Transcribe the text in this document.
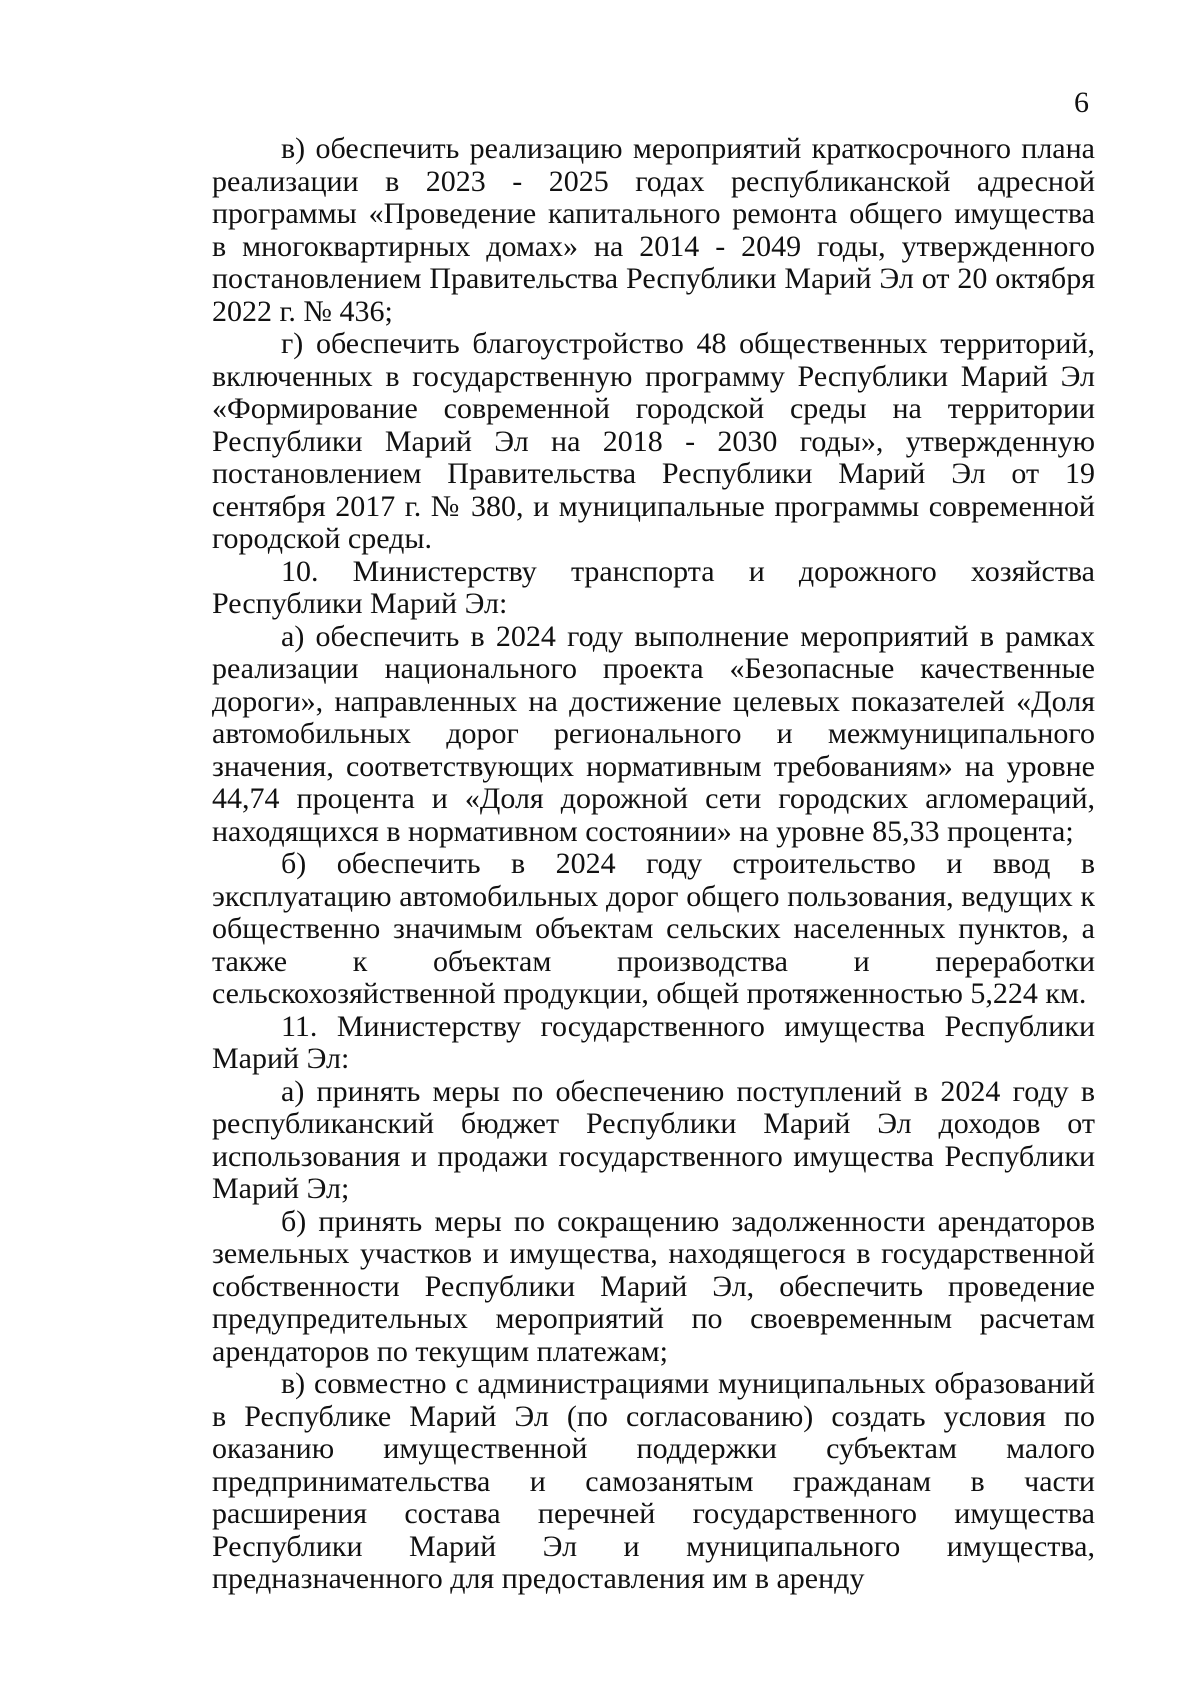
6

в) обеспечить реализацию мероприятий краткосрочного плана реализации в 2023 - 2025 годах республиканской адресной программы «Проведение капитального ремонта общего имущества в многоквартирных домах» на 2014 - 2049 годы, утвержденного постановлением Правительства Республики Марий Эл от 20 октября 2022 г. № 436;

г) обеспечить благоустройство 48 общественных территорий, включенных в государственную программу Республики Марий Эл «Формирование современной городской среды на территории Республики Марий Эл на 2018 - 2030 годы», утвержденную постановлением Правительства Республики Марий Эл от 19 сентября 2017 г. № 380, и муниципальные программы современной городской среды.

10. Министерству транспорта и дорожного хозяйства Республики Марий Эл:

а) обеспечить в 2024 году выполнение мероприятий в рамках реализации национального проекта «Безопасные качественные дороги», направленных на достижение целевых показателей «Доля автомобильных дорог регионального и межмуниципального значения, соответствующих нормативным требованиям» на уровне 44,74 процента и «Доля дорожной сети городских агломераций, находящихся в нормативном состоянии» на уровне 85,33 процента;

б) обеспечить в 2024 году строительство и ввод в эксплуатацию автомобильных дорог общего пользования, ведущих к общественно значимым объектам сельских населенных пунктов, а также к объектам производства и переработки сельскохозяйственной продукции, общей протяженностью 5,224 км.

11. Министерству государственного имущества Республики Марий Эл:

а) принять меры по обеспечению поступлений в 2024 году в республиканский бюджет Республики Марий Эл доходов от использования и продажи государственного имущества Республики Марий Эл;

б) принять меры по сокращению задолженности арендаторов земельных участков и имущества, находящегося в государственной собственности Республики Марий Эл, обеспечить проведение предупредительных мероприятий по своевременным расчетам арендаторов по текущим платежам;

в) совместно с администрациями муниципальных образований в Республике Марий Эл (по согласованию) создать условия по оказанию имущественной поддержки субъектам малого предпринимательства и самозанятым гражданам в части расширения состава перечней государственного имущества Республики Марий Эл и муниципального имущества, предназначенного для предоставления им в аренду
